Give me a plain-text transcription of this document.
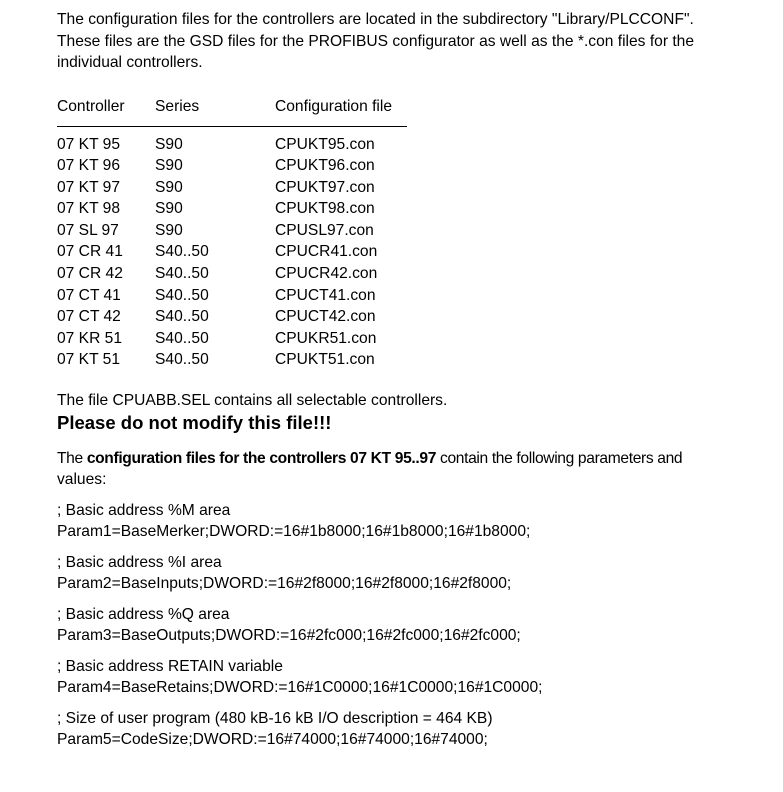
The configuration files for the controllers are located in the subdirectory "Library/PLCCONF".

These files are the GSD files for the PROFIBUS configurator as well as the *.con files for the

individual controllers.

Controller	Series	Configuration file

07 KT 95	S90	CPUKT95.con
07 KT 96	S90	CPUKT96.con
07 KT 97	S90	CPUKT97.con
07 KT 98	S90	CPUKT98.con
07 SL 97	S90	CPUSL97.con
07 CR 41	S40..50	CPUCR41.con
07 CR 42	S40..50	CPUCR42.con
07 CT 41	S40..50	CPUCT41.con
07 CT 42	S40..50	CPUCT42.con
07 KR 51	S40..50	CPUKR51.con
07 KT 51	S40..50	CPUKT51.con

The file CPUABB.SEL contains all selectable controllers.

Please do not modify this file!!!

The configuration files for the controllers 07 KT 95..97 contain the following parameters and

values:

; Basic address %M area

Param1=BaseMerker;DWORD:=16#1b8000;16#1b8000;16#1b8000;

; Basic address %I area

Param2=BaseInputs;DWORD:=16#2f8000;16#2f8000;16#2f8000;

; Basic address %Q area

Param3=BaseOutputs;DWORD:=16#2fc000;16#2fc000;16#2fc000;

; Basic address RETAIN variable

Param4=BaseRetains;DWORD:=16#1C0000;16#1C0000;16#1C0000;

; Size of user program (480 kB-16 kB I/O description = 464 KB)

Param5=CodeSize;DWORD:=16#74000;16#74000;16#74000;
